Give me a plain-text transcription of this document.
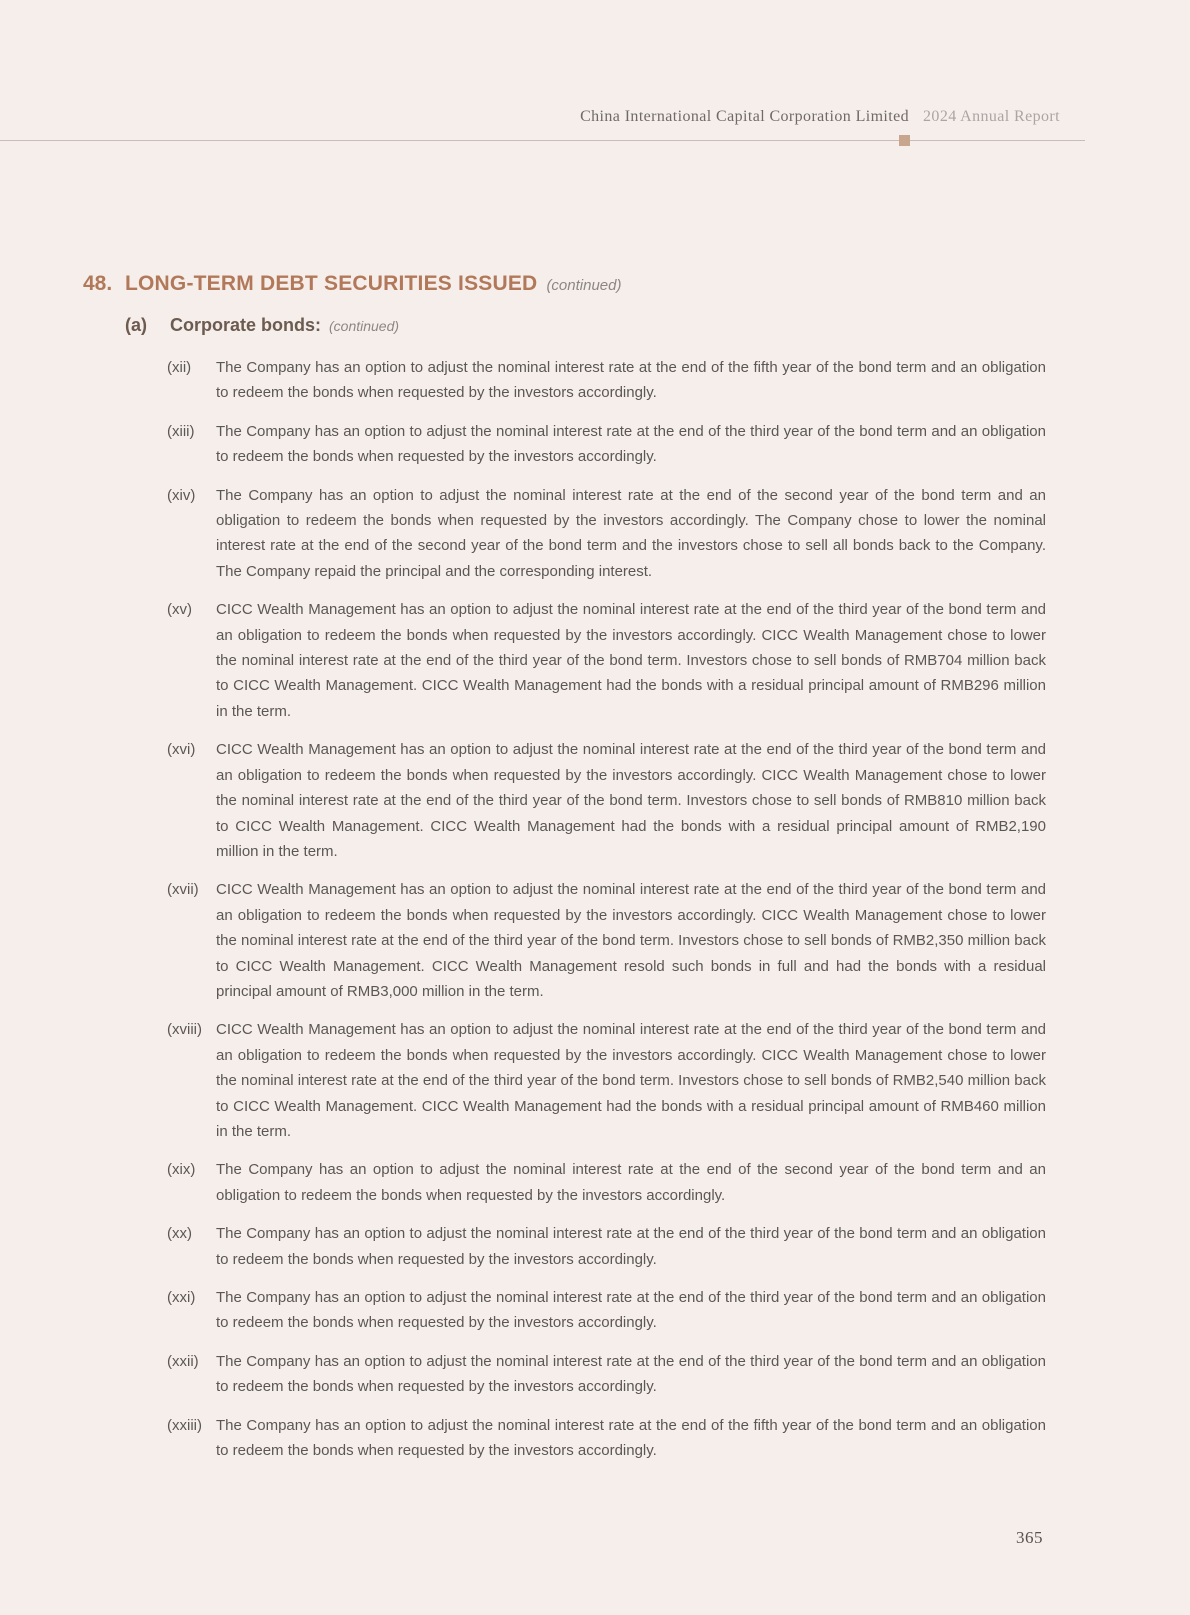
China International Capital Corporation Limited 2024 Annual Report
48. LONG-TERM DEBT SECURITIES ISSUED (continued)
(a)	Corporate bonds: (continued)
(xii)	The Company has an option to adjust the nominal interest rate at the end of the fifth year of the bond term and an obligation to redeem the bonds when requested by the investors accordingly.
(xiii)	The Company has an option to adjust the nominal interest rate at the end of the third year of the bond term and an obligation to redeem the bonds when requested by the investors accordingly.
(xiv)	The Company has an option to adjust the nominal interest rate at the end of the second year of the bond term and an obligation to redeem the bonds when requested by the investors accordingly. The Company chose to lower the nominal interest rate at the end of the second year of the bond term and the investors chose to sell all bonds back to the Company. The Company repaid the principal and the corresponding interest.
(xv)	CICC Wealth Management has an option to adjust the nominal interest rate at the end of the third year of the bond term and an obligation to redeem the bonds when requested by the investors accordingly. CICC Wealth Management chose to lower the nominal interest rate at the end of the third year of the bond term. Investors chose to sell bonds of RMB704 million back to CICC Wealth Management. CICC Wealth Management had the bonds with a residual principal amount of RMB296 million in the term.
(xvi)	CICC Wealth Management has an option to adjust the nominal interest rate at the end of the third year of the bond term and an obligation to redeem the bonds when requested by the investors accordingly. CICC Wealth Management chose to lower the nominal interest rate at the end of the third year of the bond term. Investors chose to sell bonds of RMB810 million back to CICC Wealth Management. CICC Wealth Management had the bonds with a residual principal amount of RMB2,190 million in the term.
(xvii)	CICC Wealth Management has an option to adjust the nominal interest rate at the end of the third year of the bond term and an obligation to redeem the bonds when requested by the investors accordingly. CICC Wealth Management chose to lower the nominal interest rate at the end of the third year of the bond term. Investors chose to sell bonds of RMB2,350 million back to CICC Wealth Management. CICC Wealth Management resold such bonds in full and had the bonds with a residual principal amount of RMB3,000 million in the term.
(xviii) CICC Wealth Management has an option to adjust the nominal interest rate at the end of the third year of the bond term and an obligation to redeem the bonds when requested by the investors accordingly. CICC Wealth Management chose to lower the nominal interest rate at the end of the third year of the bond term. Investors chose to sell bonds of RMB2,540 million back to CICC Wealth Management. CICC Wealth Management had the bonds with a residual principal amount of RMB460 million in the term.
(xix)	The Company has an option to adjust the nominal interest rate at the end of the second year of the bond term and an obligation to redeem the bonds when requested by the investors accordingly.
(xx)	The Company has an option to adjust the nominal interest rate at the end of the third year of the bond term and an obligation to redeem the bonds when requested by the investors accordingly.
(xxi)	The Company has an option to adjust the nominal interest rate at the end of the third year of the bond term and an obligation to redeem the bonds when requested by the investors accordingly.
(xxii)	The Company has an option to adjust the nominal interest rate at the end of the third year of the bond term and an obligation to redeem the bonds when requested by the investors accordingly.
(xxiii) The Company has an option to adjust the nominal interest rate at the end of the fifth year of the bond term and an obligation to redeem the bonds when requested by the investors accordingly.
365
